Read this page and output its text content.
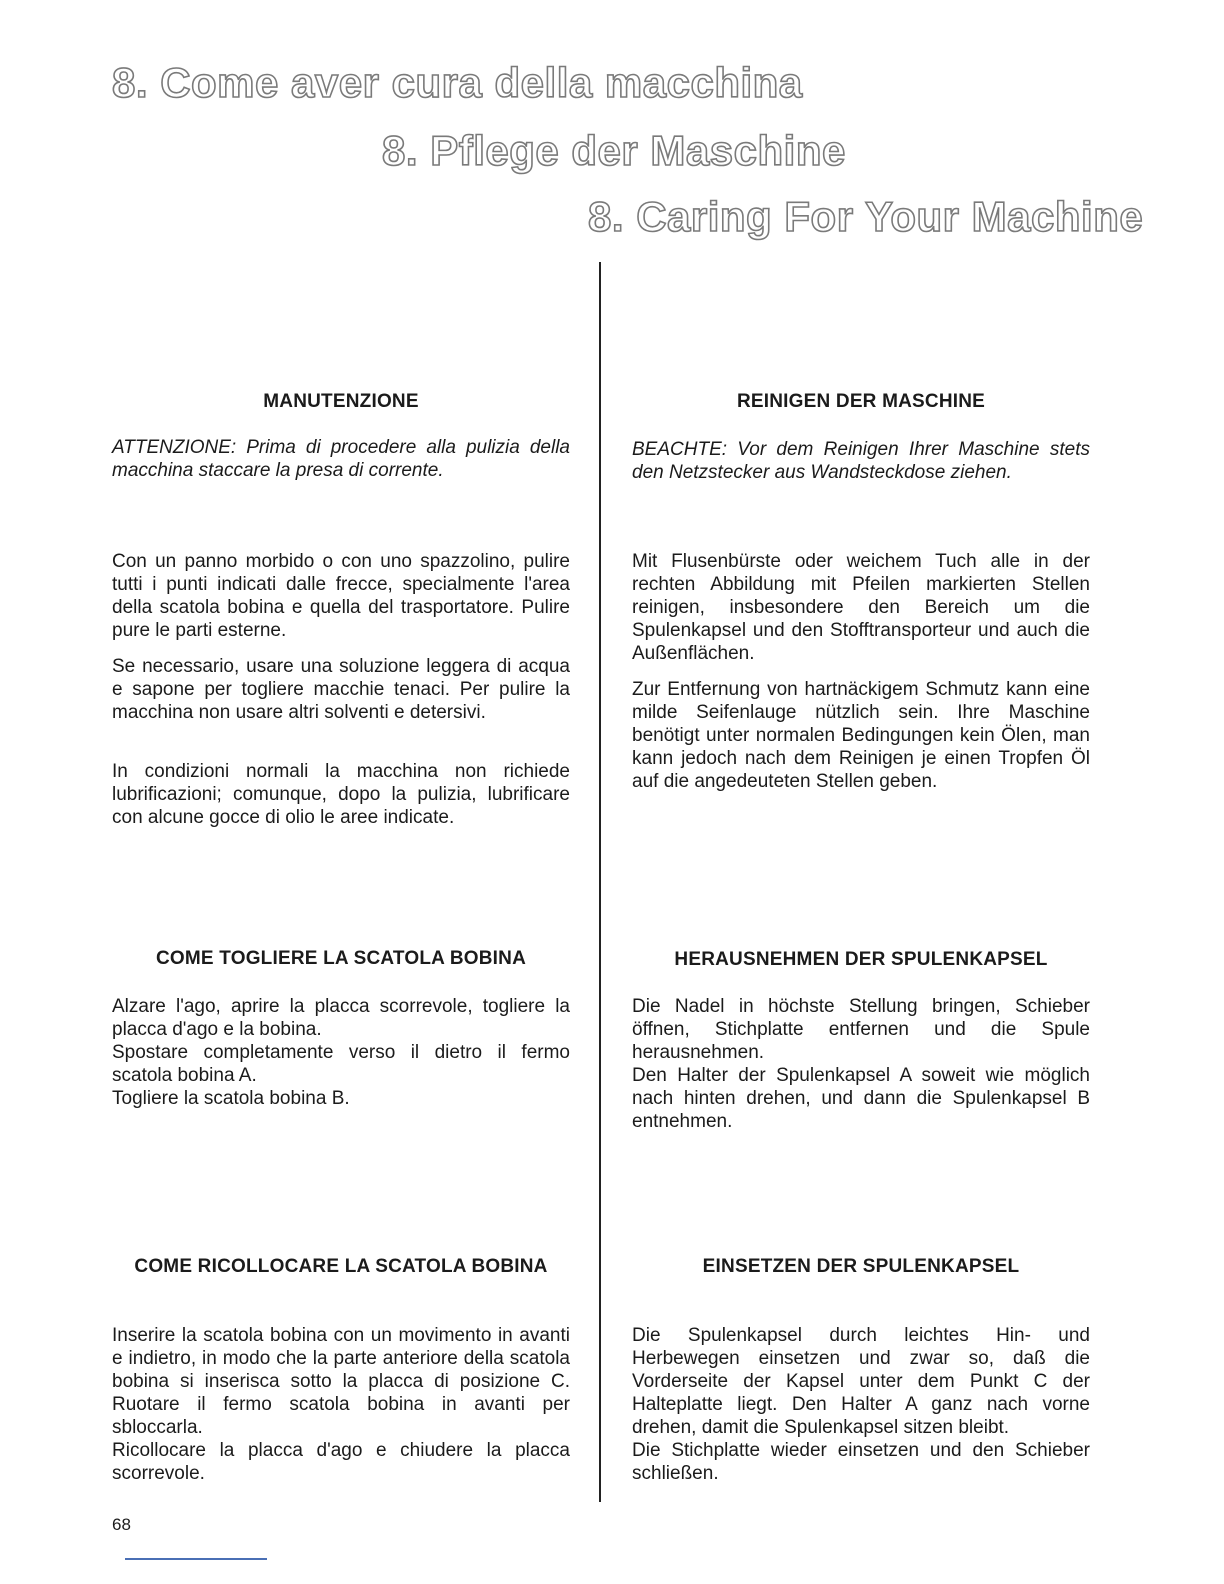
8. Come aver cura della macchina
8. Pflege der Maschine
8. Caring For Your Machine
MANUTENZIONE

ATTENZIONE: Prima di procedere alla pulizia della macchina staccare la presa di corrente.

Con un panno morbido o con uno spazzolino, pulire tutti i punti indicati dalle frecce, specialmente l'area della scatola bobina e quella del trasportatore. Pulire pure le parti esterne.

Se necessario, usare una soluzione leggera di acqua e sapone per togliere macchie tenaci. Per pulire la macchina non usare altri solventi e detersivi.

In condizioni normali la macchina non richiede lubrificazioni; comunque, dopo la pulizia, lubrificare con alcune gocce di olio le aree indicate.

COME TOGLIERE LA SCATOLA BOBINA

Alzare l'ago, aprire la placca scorrevole, togliere la placca d'ago e la bobina.
Spostare completamente verso il dietro il fermo scatola bobina A.
Togliere la scatola bobina B.

COME RICOLLOCARE LA SCATOLA BOBINA

Inserire la scatola bobina con un movimento in avanti e indietro, in modo che la parte anteriore della scatola bobina si inserisca sotto la placca di posizione C. Ruotare il fermo scatola bobina in avanti per sbloccarla.
Ricollocare la placca d'ago e chiudere la placca scorrevole.

REINIGEN DER MASCHINE

BEACHTE: Vor dem Reinigen Ihrer Maschine stets den Netzstecker aus Wandsteckdose ziehen.

Mit Flusenbürste oder weichem Tuch alle in der rechten Abbildung mit Pfeilen markierten Stellen reinigen, insbesondere den Bereich um die Spulenkapsel und den Stofftransporteur und auch die Außenflächen.

Zur Entfernung von hartnäckigem Schmutz kann eine milde Seifenlauge nützlich sein. Ihre Maschine benötigt unter normalen Bedingungen kein Ölen, man kann jedoch nach dem Reinigen je einen Tropfen Öl auf die angedeuteten Stellen geben.

HERAUSNEHMEN DER SPULENKAPSEL

Die Nadel in höchste Stellung bringen, Schieber öffnen, Stichplatte entfernen und die Spule herausnehmen.
Den Halter der Spulenkapsel A soweit wie möglich nach hinten drehen, und dann die Spulenkapsel B entnehmen.

EINSETZEN DER SPULENKAPSEL

Die Spulenkapsel durch leichtes Hin- und Herbewegen einsetzen und zwar so, daß die Vorderseite der Kapsel unter dem Punkt C der Halteplatte liegt. Den Halter A ganz nach vorne drehen, damit die Spulenkapsel sitzen bleibt.
Die Stichplatte wieder einsetzen und den Schieber schließen.

68
